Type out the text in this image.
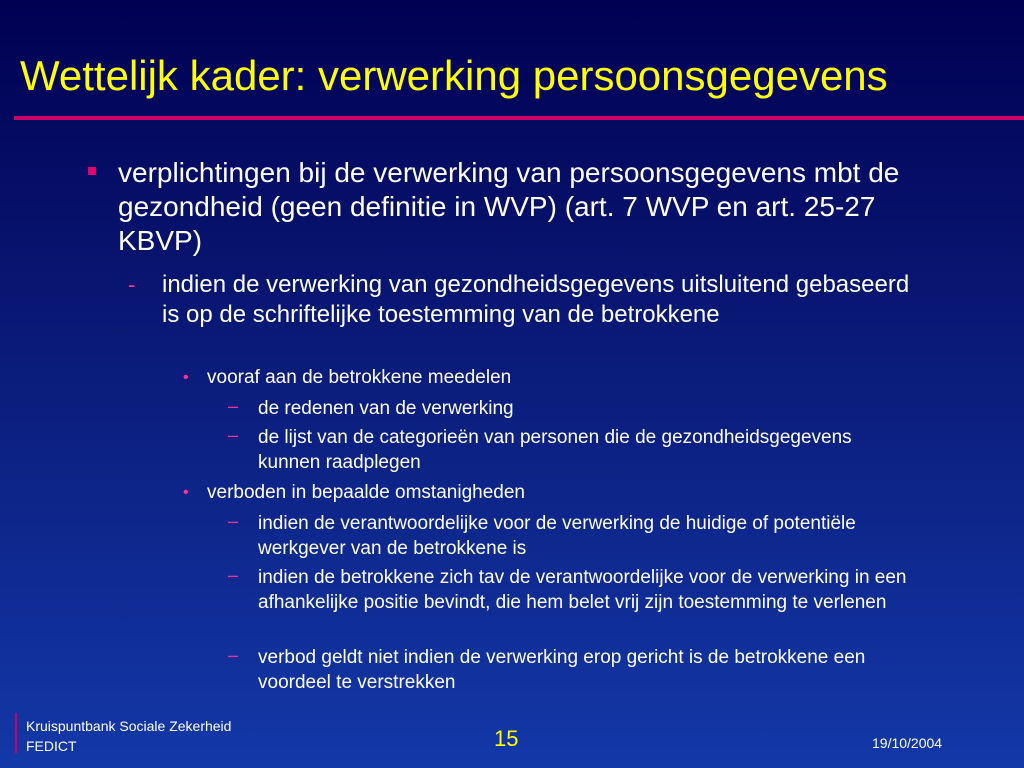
Wettelijk kader: verwerking persoonsgegevens
verplichtingen bij de verwerking van persoonsgegevens mbt de gezondheid (geen definitie in WVP) (art. 7 WVP en art. 25-27 KBVP)
- indien de verwerking van gezondheidsgegevens uitsluitend gebaseerd is op de schriftelijke toestemming van de betrokkene
• vooraf aan de betrokkene meedelen
– de redenen van de verwerking
– de lijst van de categorieën van personen die de gezondheidsgegevens kunnen raadplegen
• verboden in bepaalde omstanigheden
– indien de verantwoordelijke voor de verwerking de huidige of potentiële werkgever van de betrokkene is
– indien de betrokkene zich tav de verantwoordelijke voor de verwerking in een afhankelijke positie bevindt, die hem belet vrij zijn toestemming te verlenen
– verbod geldt niet indien de verwerking erop gericht is de betrokkene een voordeel te verstrekken
Kruispuntbank Sociale Zekerheid
FEDICT	15	19/10/2004
